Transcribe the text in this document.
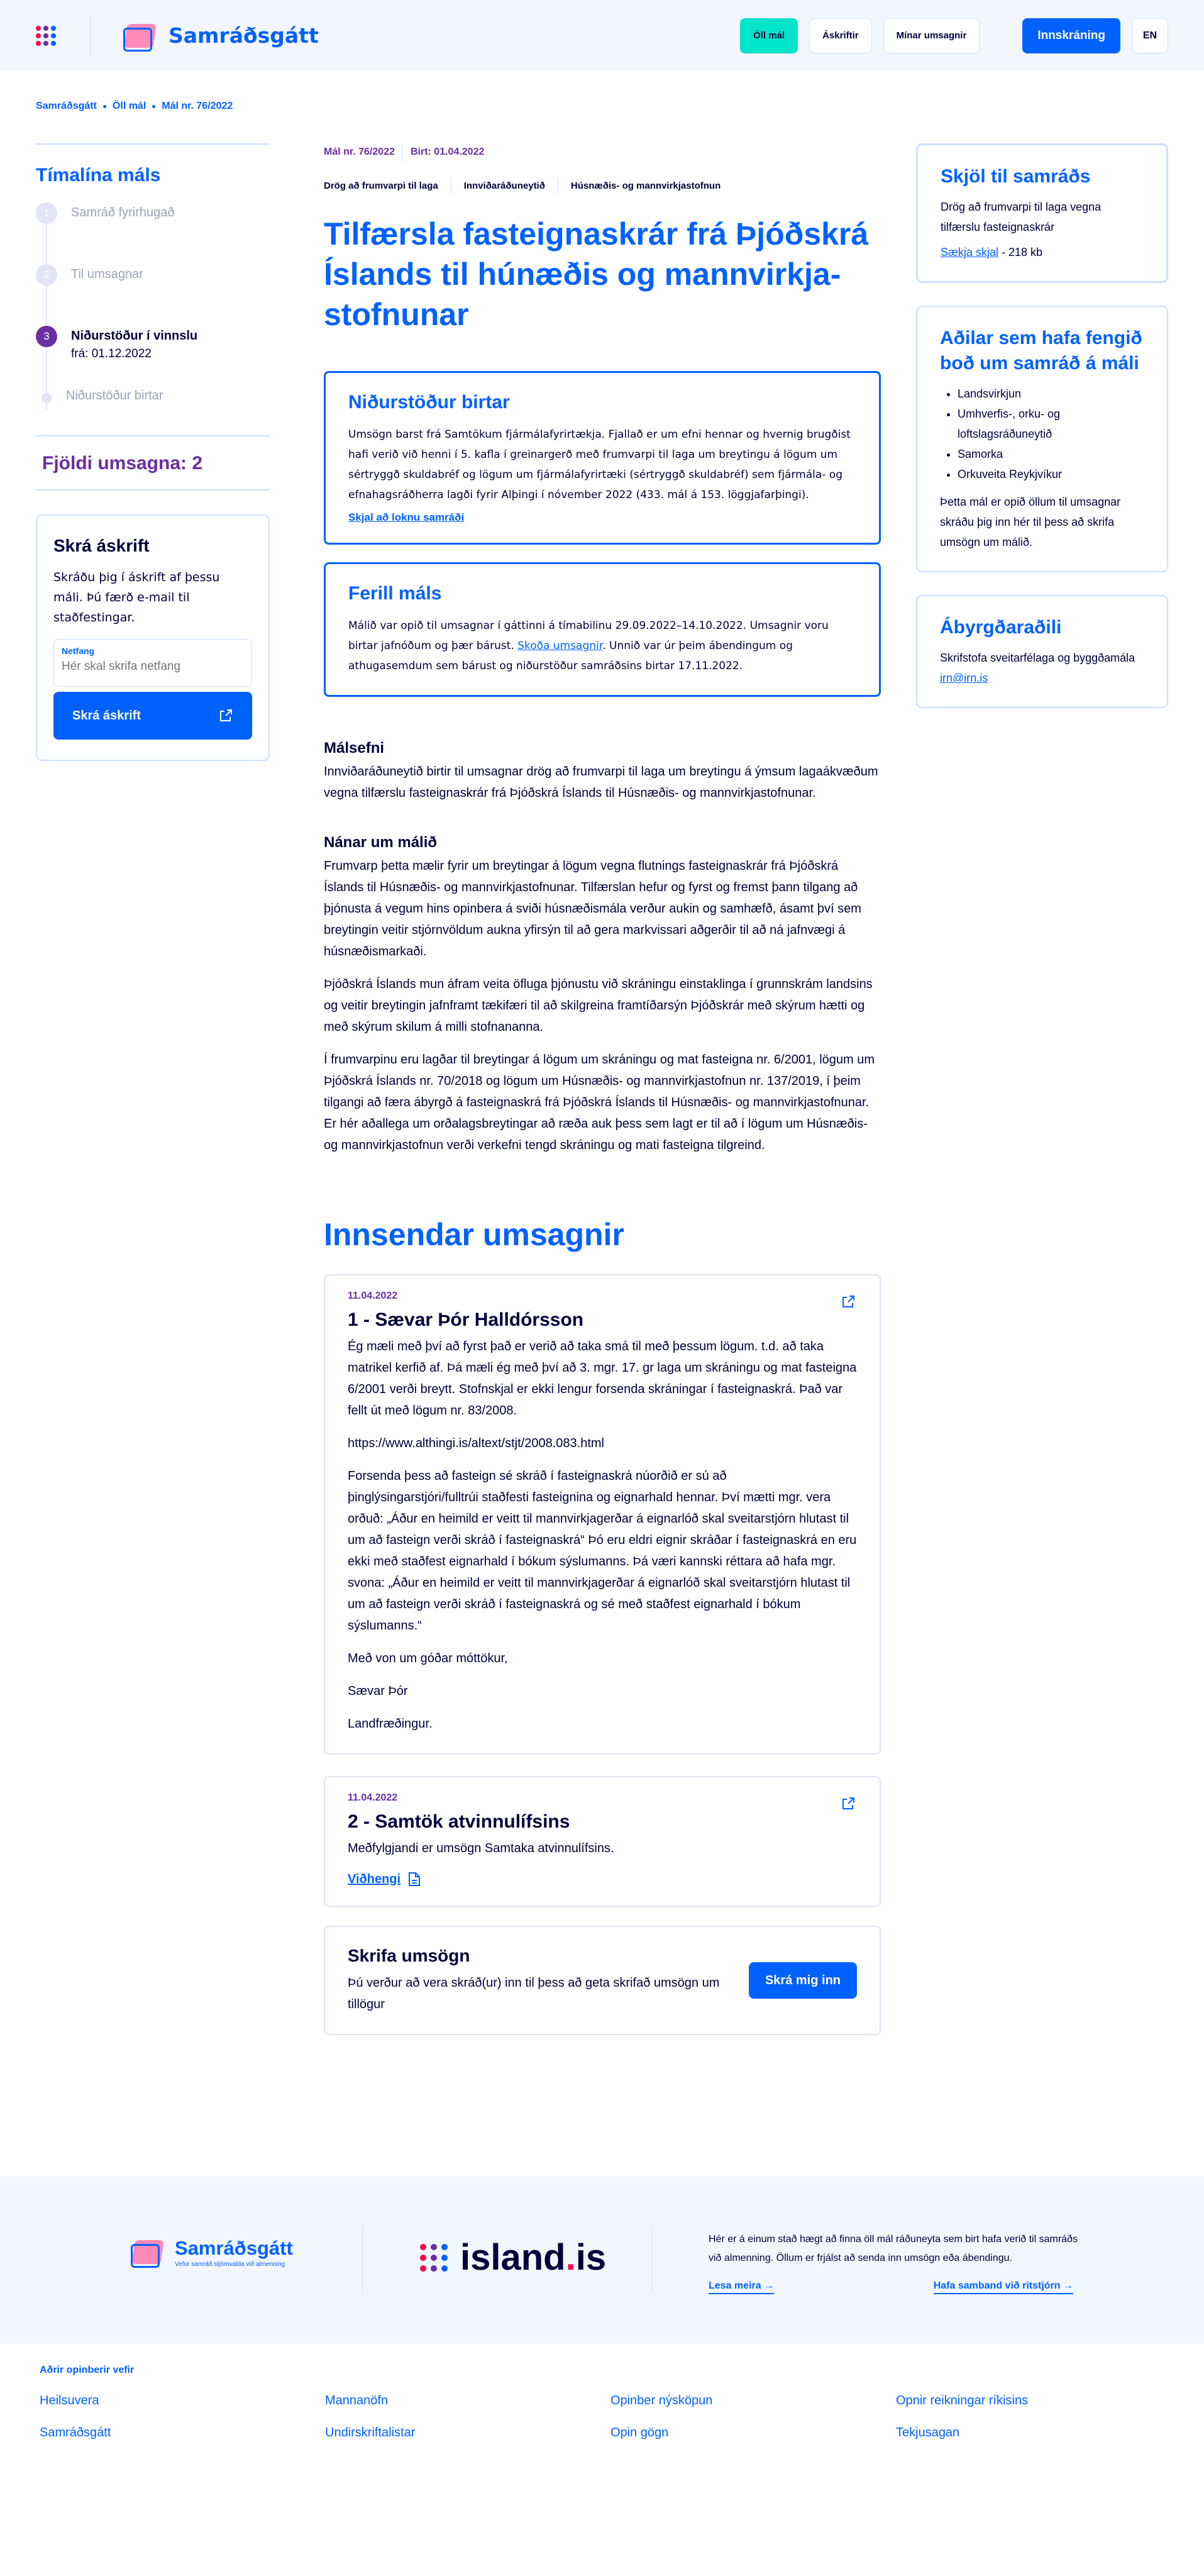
Samráðsgátt	Öll mál	Áskriftir	Mínar umsagnir	Innskráning	EN
Samráðsgátt Öll mál Mál nr. 76/2022
Tímalína máls
1	Samráð fyrirhugað
2	Til umsagnar
3	Niðurstöður í vinnslu
frá: 01.12.2022
Niðurstöður birtar
Fjöldi umsagna: 2
Skrá áskrift

Skráðu þig í áskrift af þessu máli. Þú færð e-mail til staðfestingar.

Netfang
Hér skal skrifa netfang
Skrá áskrift
Mál nr. 76/2022 Birt: 01.04.2022
Drög að frumvarpi til laga	Innviðaráðuneytið	Húsnæðis- og mannvirkjastofnun
Tilfærsla fasteignaskrár frá Þjóðskrá Íslands til húnæðis og mannvirkja-stofnunar
Niðurstöður birtar

Umsögn barst frá Samtökum fjármálafyrirtækja. Fjallað er um efni hennar og hvernig brugðist hafi verið við henni í 5. kafla í greinargerð með frumvarpi til laga um breytingu á lögum um sértryggð skuldabréf og lögum um fjármálafyrirtæki (sértryggð skuldabréf) sem fjármála- og efnahagsráðherra lagði fyrir Alþingi í nóvember 2022 (433. mál á 153. löggjafarþingi).

Skjal að loknu samráði
Ferill máls

Málið var opið til umsagnar í gáttinni á tímabilinu 29.09.2022–14.10.2022. Umsagnir voru birtar jafnóðum og þær bárust. Skoða umsagnir. Unnið var úr þeim ábendingum og athugasemdum sem bárust og niðurstöður samráðsins birtar 17.11.2022.

Málsefni

Innviðaráðuneytið birtir til umsagnar drög að frumvarpi til laga um breytingu á ýmsum lagaákvæðum vegna tilfærslu fasteignaskrár frá Þjóðskrá Íslands til Húsnæðis- og mannvirkjastofnunar.

Nánar um málið

Frumvarp þetta mælir fyrir um breytingar á lögum vegna flutnings fasteignaskrár frá Þjóðskrá Íslands til Húsnæðis- og mannvirkjastofnunar. Tilfærslan hefur og fyrst og fremst þann tilgang að þjónusta á vegum hins opinbera á sviði húsnæðismála verður aukin og samhæfð, ásamt því sem breytingin veitir stjórnvöldum aukna yfirsýn til að gera markvissari aðgerðir til að ná jafnvægi á húsnæðismarkaði.

Þjóðskrá Íslands mun áfram veita öfluga þjónustu við skráningu einstaklinga í grunnskrám landsins og veitir breytingin jafnframt tækifæri til að skilgreina framtíðarsýn Þjóðskrár með skýrum hætti og með skýrum skilum á milli stofnananna.

Í frumvarpinu eru lagðar til breytingar á lögum um skráningu og mat fasteigna nr. 6/2001, lögum um Þjóðskrá Íslands nr. 70/2018 og lögum um Húsnæðis- og mannvirkjastofnun nr. 137/2019, í þeim tilgangi að færa ábyrgð á fasteignaskrá frá Þjóðskrá Íslands til Húsnæðis- og mannvirkjastofnunar. Er hér aðallega um orðalagsbreytingar að ræða auk þess sem lagt er til að í lögum um Húsnæðis- og mannvirkjastofnun verði verkefni tengd skráningu og mati fasteigna tilgreind.

Innsendar umsagnir
11.04.2022
1 - Sævar Þór Halldórsson

Ég mæli með því að fyrst það er verið að taka smá til með þessum lögum. t.d. að taka matrikel kerfið af. Þá mæli ég með því að 3. mgr. 17. gr laga um skráningu og mat fasteigna 6/2001 verði breytt. Stofnskjal er ekki lengur forsenda skráningar í fasteignaskrá. Það var fellt út með lögum nr. 83/2008.

https://www.althingi.is/altext/stjt/2008.083.html

Forsenda þess að fasteign sé skráð í fasteignaskrá núorðið er sú að þinglýsingarstjóri/fulltrúi staðfesti fasteignina og eignarhald hennar. Því mætti mgr. vera orðuð: „Áður en heimild er veitt til mannvirkjagerðar á eignarlóð skal sveitarstjórn hlutast til um að fasteign verði skráð í fasteignaskrá“ Þó eru eldri eignir skráðar í fasteignaskrá en eru ekki með staðfest eignarhald í bókum sýslumanns. Þá væri kannski réttara að hafa mgr. svona: „Áður en heimild er veitt til mannvirkjagerðar á eignarlóð skal sveitarstjórn hlutast til um að fasteign verði skráð í fasteignaskrá og sé með staðfest eignarhald í bókum sýslumanns.“

Með von um góðar móttökur,

Sævar Þór

Landfræðingur.

11.04.2022
2 - Samtök atvinnulífsins

Meðfylgjandi er umsögn Samtaka atvinnulífsins.

Viðhengi
Skrifa umsögn

Þú verður að vera skráð(ur) inn til þess að geta skrifað umsögn um tillögur

Skrá mig inn
Skjöl til samráðs

Drög að frumvarpi til laga vegna tilfærslu fasteignaskrár

Sækja skjal - 218 kb

Aðilar sem hafa fengið boð um samráð á máli
• Landsvirkjun
• Umhverfis-, orku- og loftslagsráðuneytið
• Samorka
• Orkuveita Reykjvíkur

Þetta mál er opið öllum til umsagnar skráðu þig inn hér til þess að skrifa umsögn um málið.

Ábyrgðaraðili

Skrifstofa sveitarfélaga og byggðamála irn@irn.is

Samráðsgátt
Vefur samráð stjórnvalda við almenning	island.is	Hér er á einum stað hægt að finna öll mál ráðuneyta sem birt hafa verið til samráðs við almenning. Öllum er frjálst að senda inn umsögn eða ábendingu.

Lesa meira →	Hafa samband við ritstjórn →
Aðrir opinberir vefir
Heilsuvera	Mannanöfn	Opinber nýsköpun	Opnir reikningar ríkisins
Samráðsgátt	Undirskriftalistar	Opin gögn	Tekjusagan
